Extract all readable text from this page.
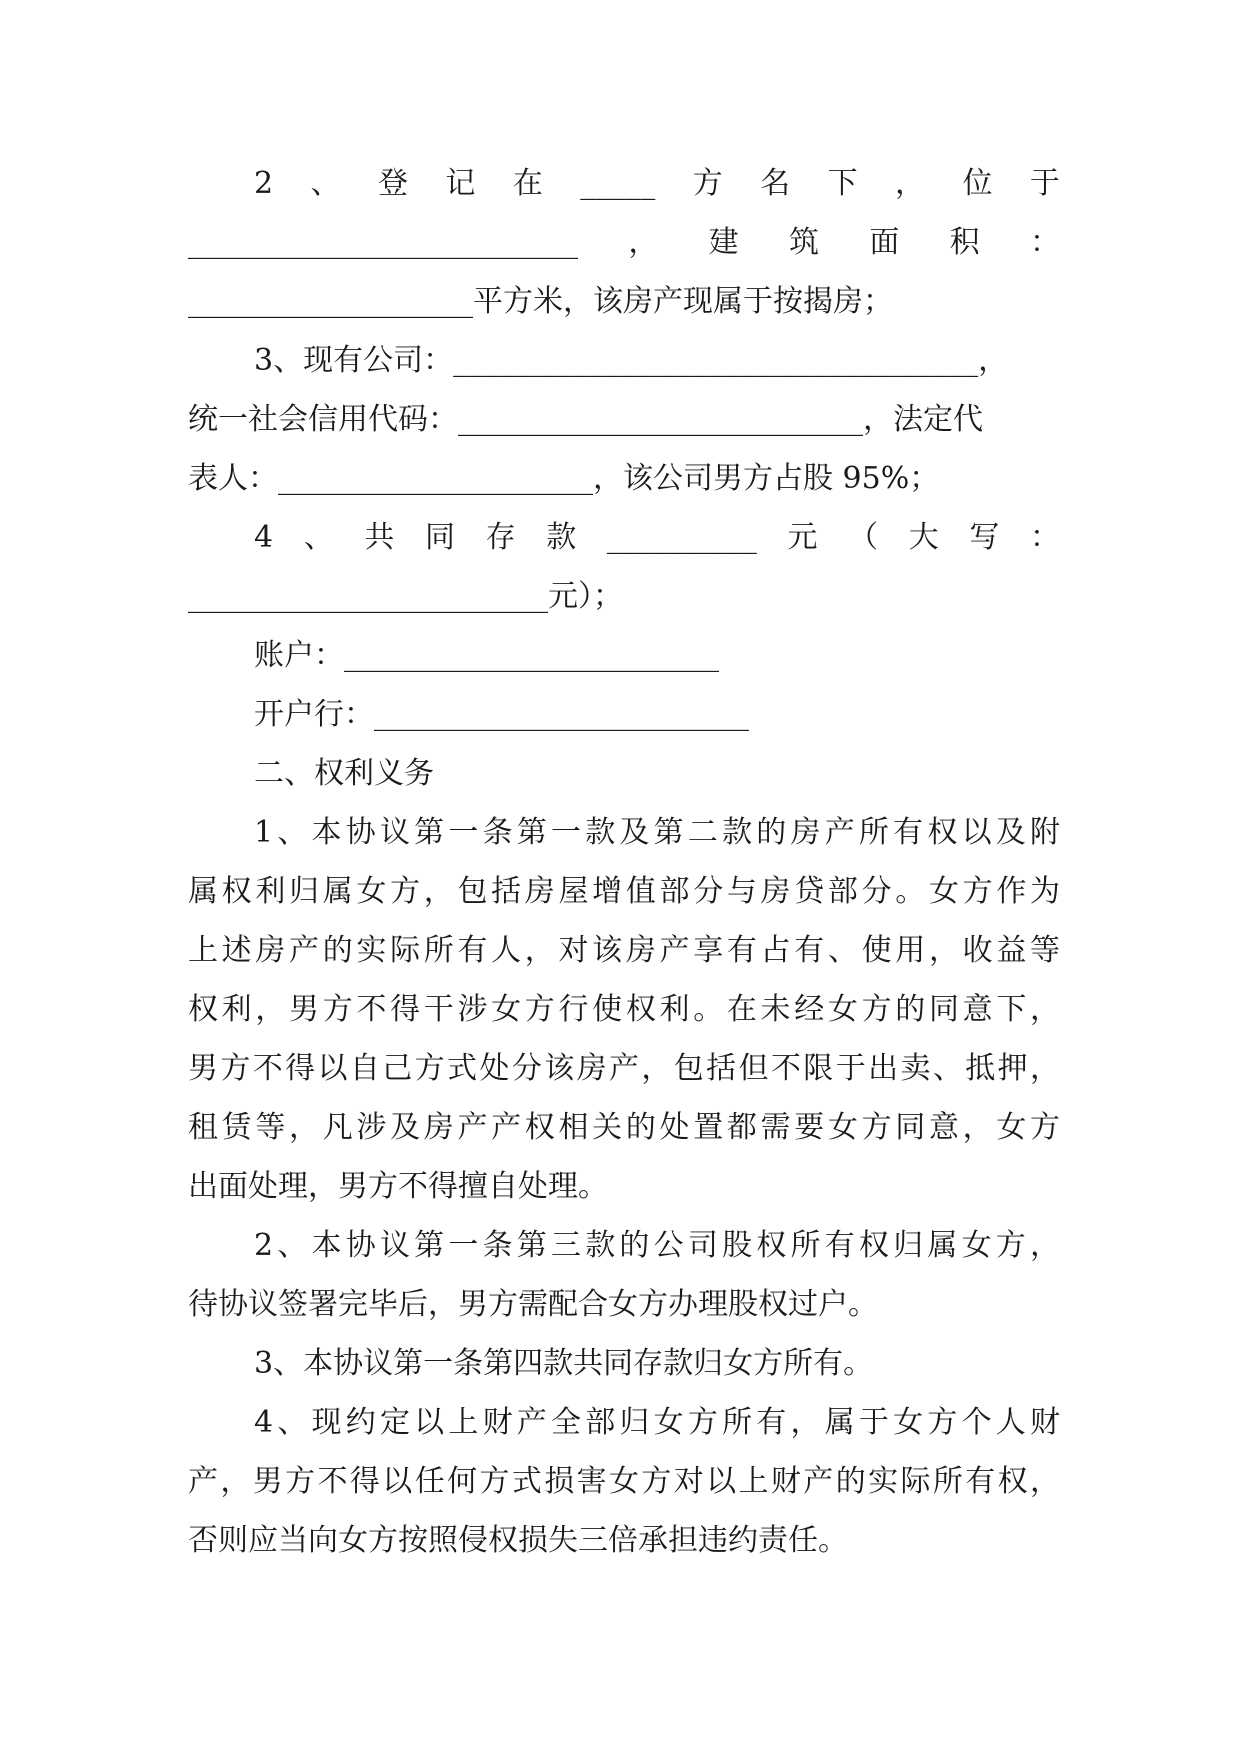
2 、 登 记 在 _____ 方 名 下 ， 位 于
__________________________ ， 建 筑 面 积 ：
___________________平方米，该房产现属于按揭房；
3、现有公司：___________________________________，
统一社会信用代码：___________________________，法定代
表人：_____________________，该公司男方占股 95%；
4 、 共 同 存 款 __________ 元 （ 大 写 ：
________________________元）；
账户：_________________________
开户行：_________________________
二、权利义务
1、本协议第一条第一款及第二款的房产所有权以及附
属权利归属女方，包括房屋增值部分与房贷部分。女方作为
上述房产的实际所有人，对该房产享有占有、使用，收益等
权利，男方不得干涉女方行使权利。在未经女方的同意下，
男方不得以自己方式处分该房产，包括但不限于出卖、抵押，
租赁等，凡涉及房产产权相关的处置都需要女方同意，女方
出面处理，男方不得擅自处理。
2、本协议第一条第三款的公司股权所有权归属女方，
待协议签署完毕后，男方需配合女方办理股权过户。
3、本协议第一条第四款共同存款归女方所有。
4、现约定以上财产全部归女方所有，属于女方个人财
产，男方不得以任何方式损害女方对以上财产的实际所有权，
否则应当向女方按照侵权损失三倍承担违约责任。
